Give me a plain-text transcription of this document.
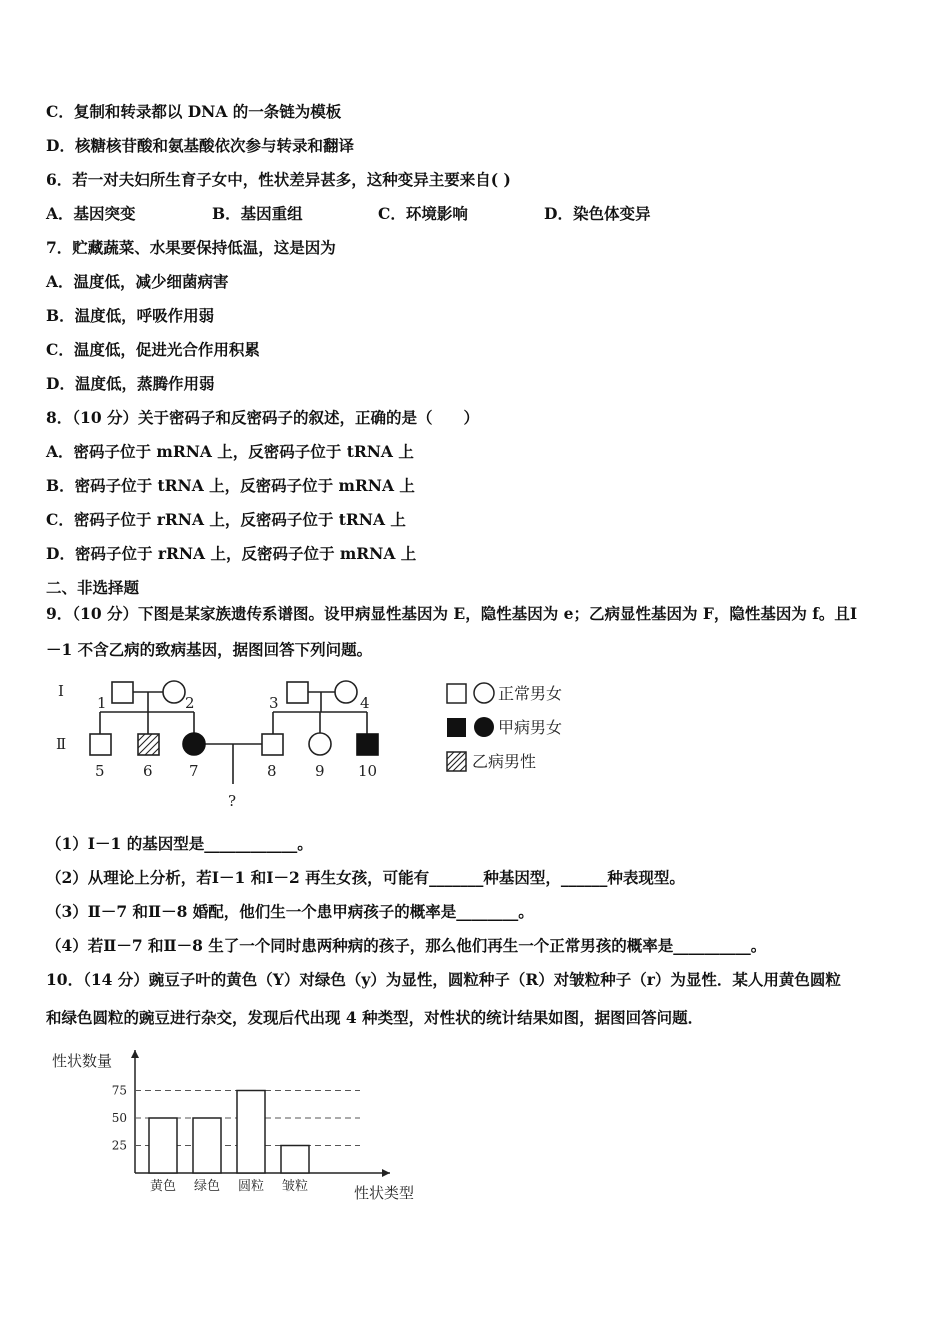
C．复制和转录都以 DNA 的一条链为模板
D．核糖核苷酸和氨基酸依次参与转录和翻译
6．若一对夫妇所生育子女中，性状差异甚多，这种变异主要来自( )
A．基因突变	B．基因重组	C．环境影响	D．染色体变异
7．贮藏蔬菜、水果要保持低温，这是因为
A．温度低，减少细菌病害
B．温度低，呼吸作用弱
C．温度低，促进光合作用积累
D．温度低，蒸腾作用弱
8．（10 分）关于密码子和反密码子的叙述，正确的是（　　）
A．密码子位于 mRNA 上，反密码子位于 tRNA 上
B．密码子位于 tRNA 上，反密码子位于 mRNA 上
C．密码子位于 rRNA 上，反密码子位于 tRNA 上
D．密码子位于 rRNA 上，反密码子位于 mRNA 上
二、非选择题
9．（10 分）下图是某家族遗传系谱图。设甲病显性基因为 E，隐性基因为 e；乙病显性基因为 F，隐性基因为 f。且Ⅰ
－1 不含乙病的致病基因，据图回答下列问题。
Ⅰ
Ⅱ
1	2	3	4
5	6 7	8	9 10
?
正常男女
甲病男女
乙病男性
（1）Ⅰ－1 的基因型是____________。
（2）从理论上分析，若Ⅰ－1 和Ⅰ－2 再生女孩，可能有_______种基因型，______种表现型。
（3）Ⅱ－7 和Ⅱ－8 婚配，他们生一个患甲病孩子的概率是________。
（4）若Ⅱ－7 和Ⅱ－8 生了一个同时患两种病的孩子，那么他们再生一个正常男孩的概率是__________。
10．（14 分）豌豆子叶的黄色（Y）对绿色（y）为显性，圆粒种子（R）对皱粒种子（r）为显性．某人用黄色圆粒
和绿色圆粒的豌豆进行杂交，发现后代出现 4 种类型，对性状的统计结果如图，据图回答问题．
性状数量
性状类型
25
50
75
黄色 绿色 圆粒 皱粒
